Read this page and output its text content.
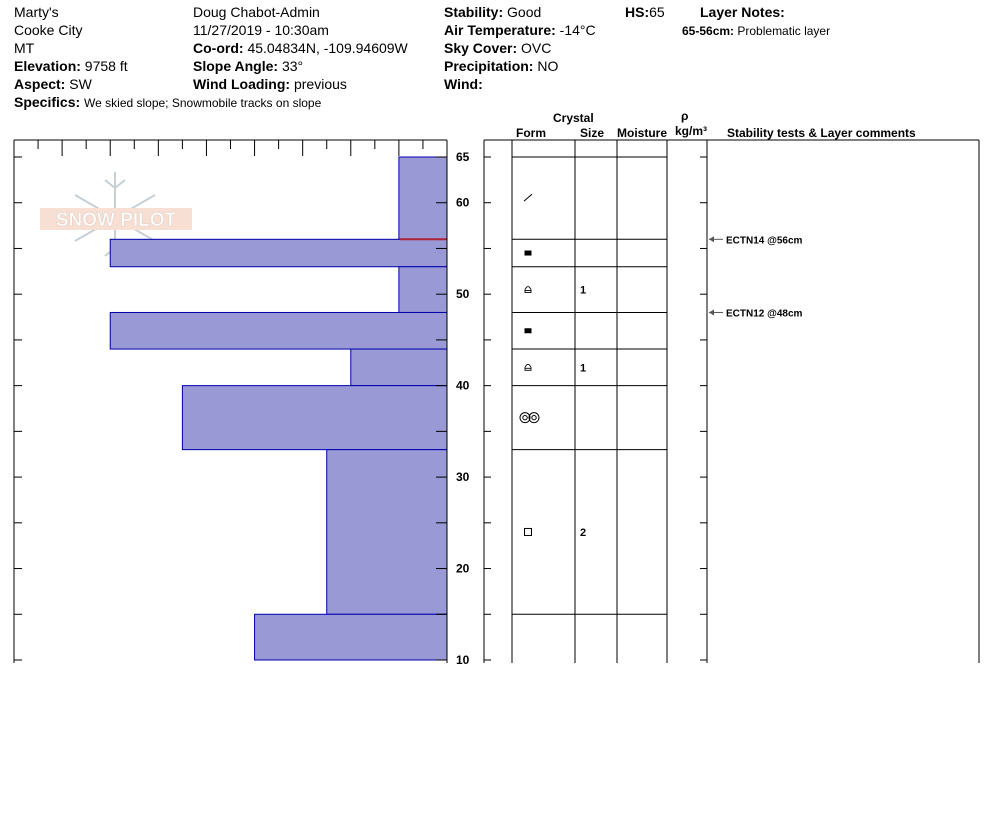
Marty's
Cooke City
MT
Elevation: 9758 ft
Aspect: SW
Specifics: We skied slope; Snowmobile tracks on slope
Doug Chabot-Admin
11/27/2019 - 10:30am
Co-ord: 45.04834N, -109.94609W
Slope Angle: 33°
Wind Loading: previous
Stability: Good
Air Temperature: -14°C
Sky Cover: OVC
Precipitation: NO
Wind:
HS:65	Layer Notes:
65-56cm: Problematic layer
Crystal
Form	Size Moisture
ρ
kg/m³ Stability tests & Layer comments
SNOW PILOT
10
20
30
40
50
60
65
1
1
2
ECTN14 @56cm
ECTN12 @48cm
